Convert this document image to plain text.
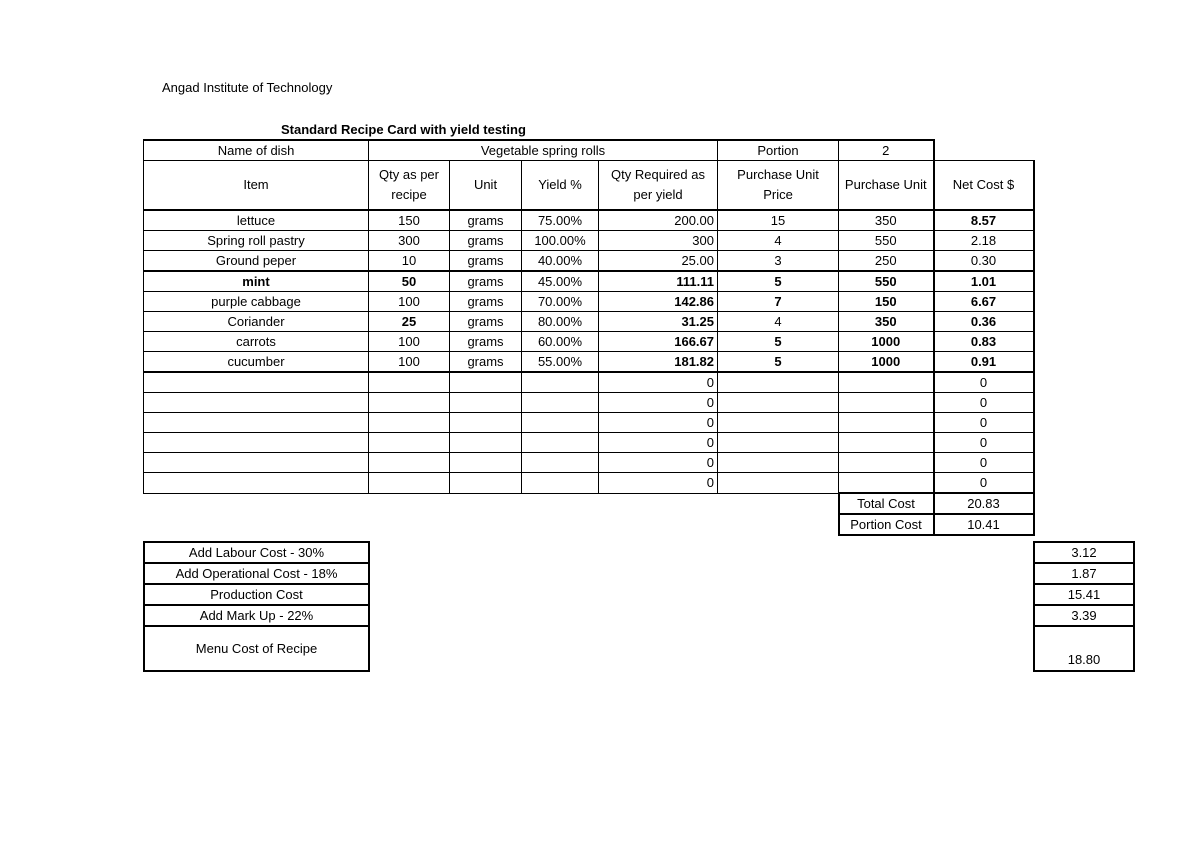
Angad Institute of Technology
Standard Recipe Card with yield testing
Name of dish	Vegetable spring rolls				Portion	2	
Item	Qty as per recipe	Unit	Yield %	Qty Required as per yield	Purchase Unit Price	Purchase Unit	Net Cost $
lettuce	150	grams	75.00%	200.00	15	350	8.57
Spring roll pastry	300	grams	100.00%	300	4	550	2.18
Ground peper	10	grams	40.00%	25.00	3	250	0.30
mint	50	grams	45.00%	111.11	5	550	1.01
purple cabbage	100	grams	70.00%	142.86	7	150	6.67
Coriander	25	grams	80.00%	31.25	4	350	0.36
carrots	100	grams	60.00%	166.67	5	1000	0.83
cucumber	100	grams	55.00%	181.82	5	1000	0.91
				0			0
				0			0
				0			0
				0			0
				0			0
				0			0
						Total Cost	20.83
						Portion Cost	10.41
Add Labour Cost - 30%			3.12
Add Operational Cost - 18%			1.87
Production Cost			15.41
Add Mark Up - 22%			3.39
Menu Cost of Recipe			18.80
